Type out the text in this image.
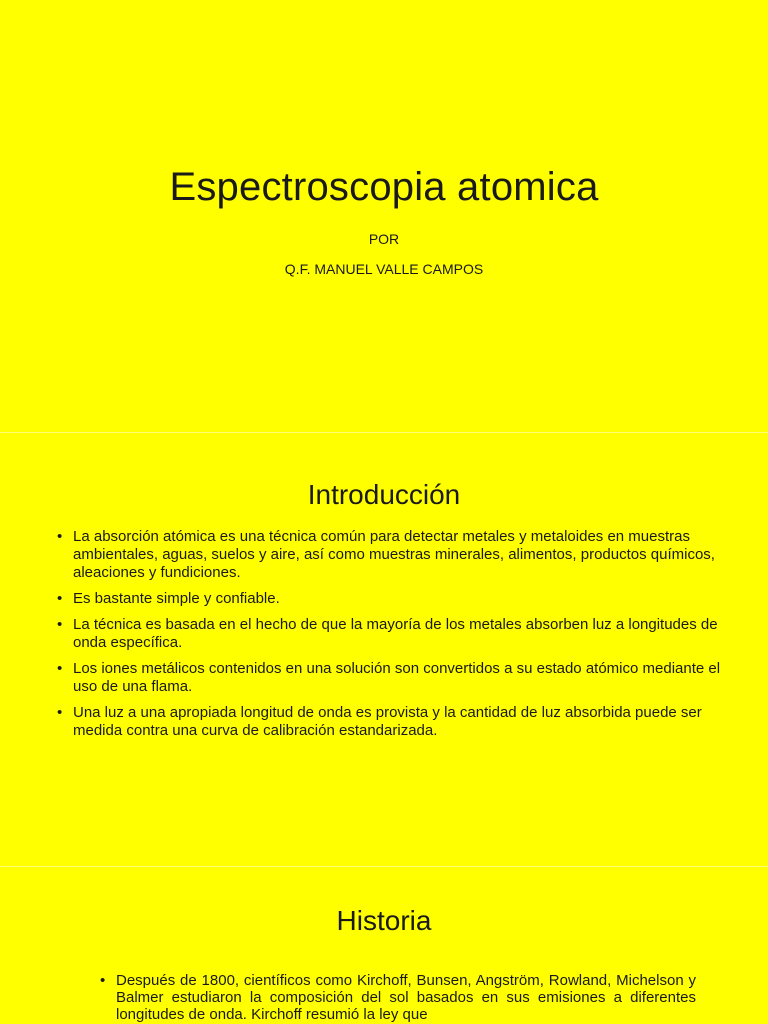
Espectroscopia atomica

POR

Q.F. MANUEL VALLE CAMPOS

Introducción
• La absorción atómica es una técnica común para detectar metales y metaloides en muestras ambientales, aguas, suelos y aire, así como muestras minerales, alimentos, productos químicos, aleaciones y fundiciones.
• Es bastante simple y confiable.
• La técnica es basada en el hecho de que la mayoría de los metales absorben luz a longitudes de onda específica.
• Los iones metálicos contenidos en una solución son convertidos a su estado atómico mediante el uso de una flama.
• Una luz a una apropiada longitud de onda es provista y la cantidad de luz absorbida puede ser medida contra una curva de calibración estandarizada.
Historia
• Después de 1800, científicos como Kirchoff, Bunsen, Angström, Rowland, Michelson y Balmer estudiaron la composición del sol basados en sus emisiones a diferentes longitudes de onda. Kirchoff resumió la ley que
